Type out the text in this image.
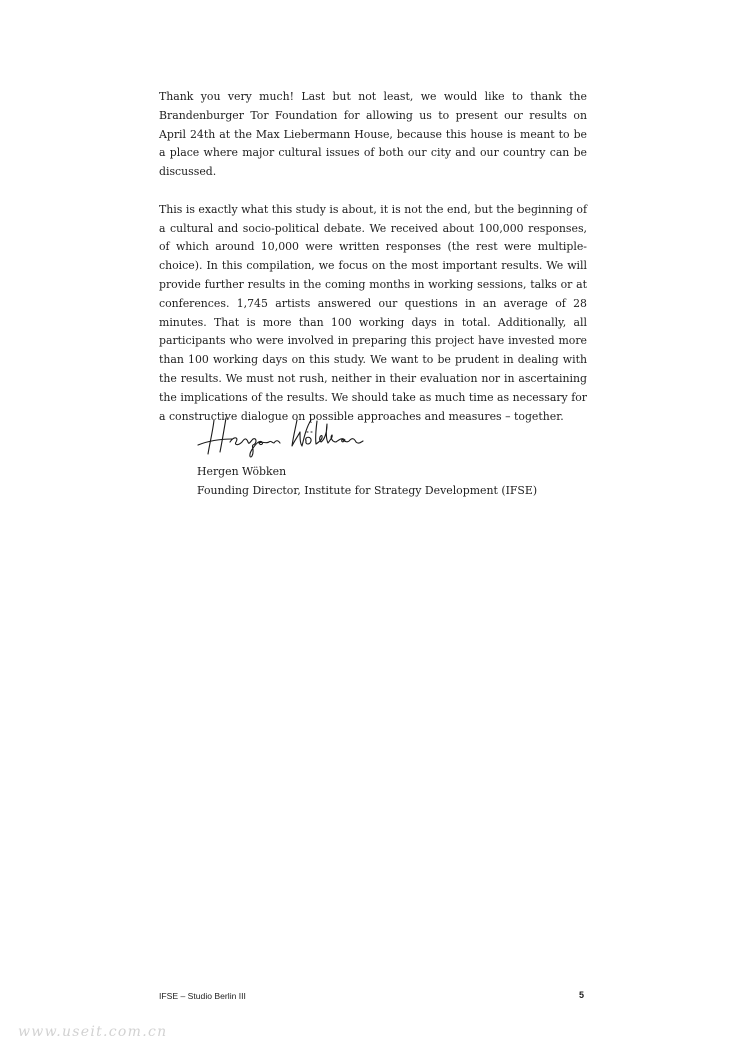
Thank you very much! Last but not least, we would like to thank the Brandenburger Tor Foundation for allowing us to present our results on April 24th at the Max Liebermann House, because this house is meant to be a place where major cultural issues of both our city and our country can be discussed.

This is exactly what this study is about, it is not the end, but the beginning of a cultural and socio-political debate. We received about 100,000 responses, of which around 10,000 were written responses (the rest were multiple-choice). In this compilation, we focus on the most important results. We will provide further results in the coming months in working sessions, talks or at conferences. 1,745 artists answered our questions in an average of 28 minutes. That is more than 100 working days in total. Additionally, all participants who were involved in preparing this project have invested more than 100 working days on this study. We want to be prudent in dealing with the results. We must not rush, neither in their evaluation nor in ascertaining the implications of the results. We should take as much time as necessary for a constructive dialogue on possible approaches and measures – together.

Hergen Wöbken
Founding Director, Institute for Strategy Development (IFSE)
IFSE – Studio Berlin III	5
www.useit.com.cn
